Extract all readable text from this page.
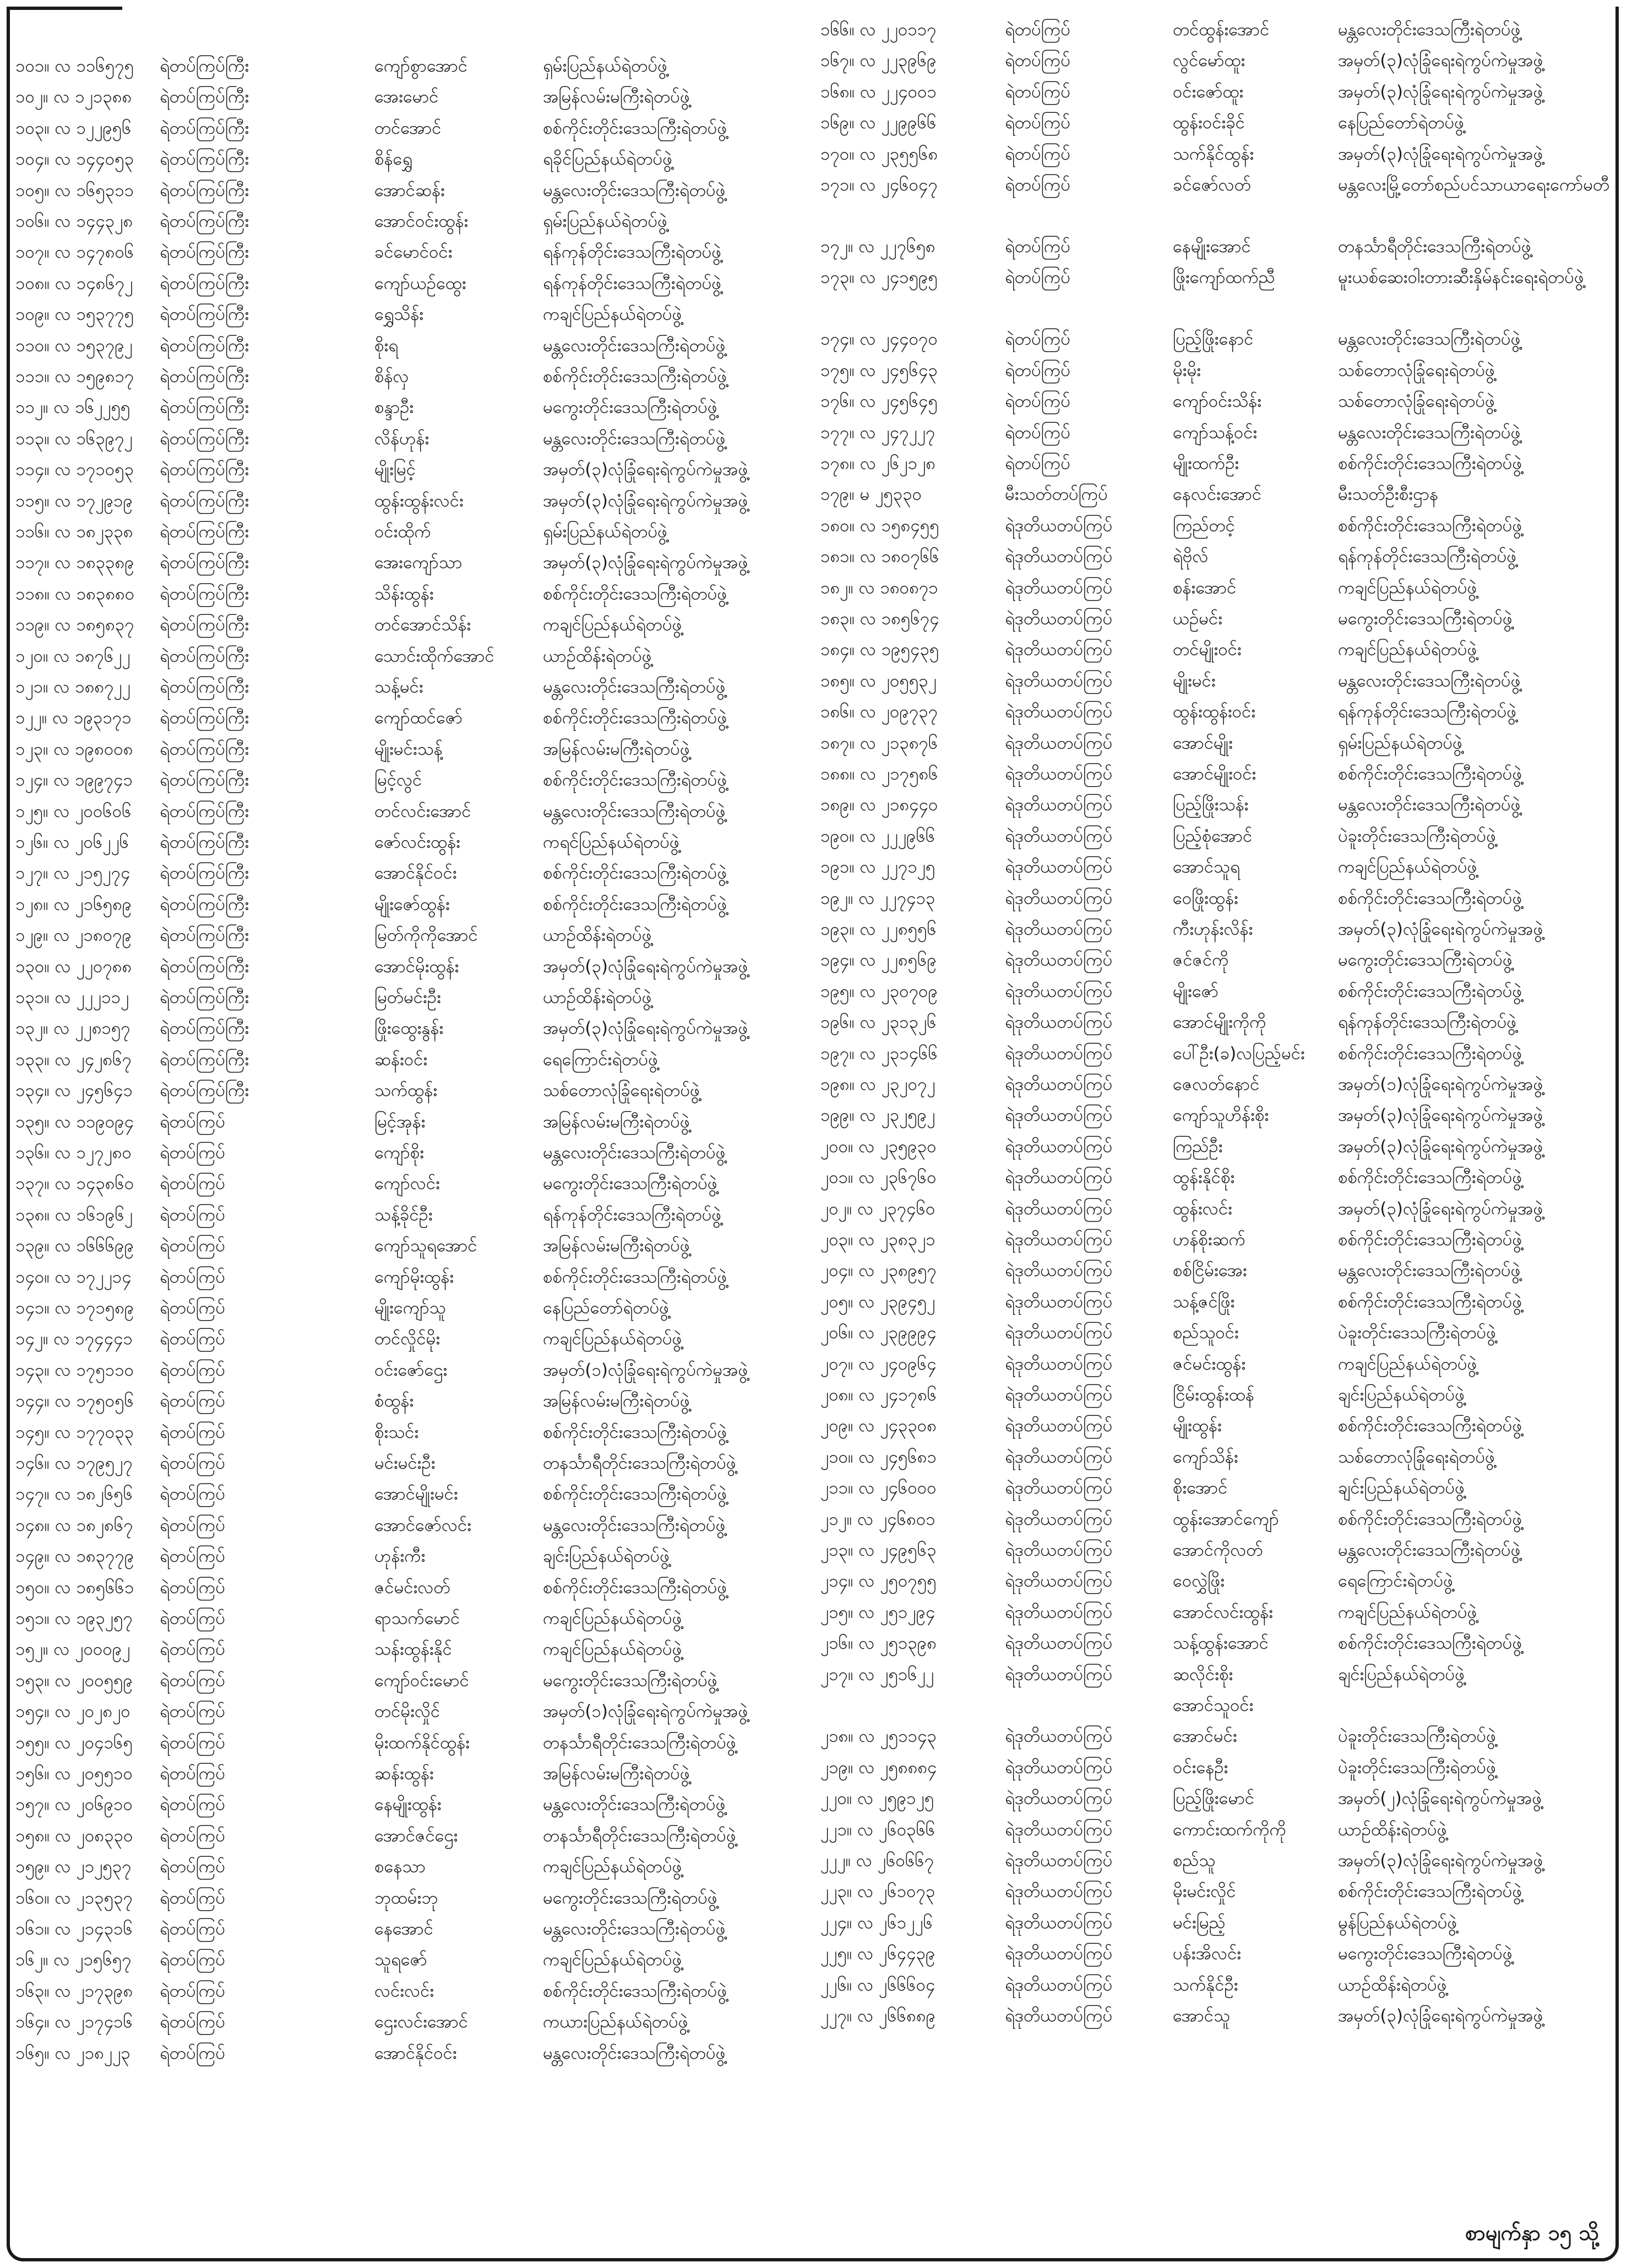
၁၀၁။ လ ၁၁၆၅၇၅	ရဲတပ်ကြပ်ကြီး	ကျော်စွာအောင်	ရှမ်းပြည်နယ်ရဲတပ်ဖွဲ့
၁၀၂။ လ ၁၂၁၃၈၈	ရဲတပ်ကြပ်ကြီး	အေးမောင်	အမြန်လမ်းမကြီးရဲတပ်ဖွဲ့
၁၀၃။ လ ၁၂၂၉၅၆	ရဲတပ်ကြပ်ကြီး	တင်အောင်	စစ်ကိုင်းတိုင်းဒေသကြီးရဲတပ်ဖွဲ့
၁၀၄။ လ ၁၄၄၀၅၃	ရဲတပ်ကြပ်ကြီး	စိန်ရွှေ	ရခိုင်ပြည်နယ်ရဲတပ်ဖွဲ့
၁၀၅။ လ ၁၆၅၃၁၁	ရဲတပ်ကြပ်ကြီး	အောင်ဆန်း	မန္တလေးတိုင်းဒေသကြီးရဲတပ်ဖွဲ့
၁၀၆။ လ ၁၄၄၃၂၈	ရဲတပ်ကြပ်ကြီး	အောင်ဝင်းထွန်း	ရှမ်းပြည်နယ်ရဲတပ်ဖွဲ့
၁၀၇။ လ ၁၄၇၈၀၆	ရဲတပ်ကြပ်ကြီး	ခင်မောင်ဝင်း	ရန်ကုန်တိုင်းဒေသကြီးရဲတပ်ဖွဲ့
၁၀၈။ လ ၁၄၈၆၇၂	ရဲတပ်ကြပ်ကြီး	ကျော်ယဉ်ထွေး	ရန်ကုန်တိုင်းဒေသကြီးရဲတပ်ဖွဲ့
၁၀၉။ လ ၁၅၃၇၇၅	ရဲတပ်ကြပ်ကြီး	ရွှေသိန်း	ကချင်ပြည်နယ်ရဲတပ်ဖွဲ့
၁၁၀။ လ ၁၅၃၇၉၂	ရဲတပ်ကြပ်ကြီး	စိုးရ	မန္တလေးတိုင်းဒေသကြီးရဲတပ်ဖွဲ့
၁၁၁။ လ ၁၅၉၈၁၇	ရဲတပ်ကြပ်ကြီး	စိန်လှ	စစ်ကိုင်းတိုင်းဒေသကြီးရဲတပ်ဖွဲ့
၁၁၂။ လ ၁၆၂၂၅၅	ရဲတပ်ကြပ်ကြီး	စန္ဒာဦး	မကွေးတိုင်းဒေသကြီးရဲတပ်ဖွဲ့
၁၁၃။ လ ၁၆၃၉၇၂	ရဲတပ်ကြပ်ကြီး	လိန်ဟုန်း	မန္တလေးတိုင်းဒေသကြီးရဲတပ်ဖွဲ့
၁၁၄။ လ ၁၇၁၀၅၃	ရဲတပ်ကြပ်ကြီး	မျိုးမြင့်	အမှတ်(၃)လုံခြုံရေးရဲကွပ်ကဲမှုအဖွဲ့
၁၁၅။ လ ၁၇၂၉၁၉	ရဲတပ်ကြပ်ကြီး	ထွန်းထွန်းလင်း	အမှတ်(၃)လုံခြုံရေးရဲကွပ်ကဲမှုအဖွဲ့
၁၁၆။ လ ၁၈၂၃၃၈	ရဲတပ်ကြပ်ကြီး	ဝင်းထိုက်	ရှမ်းပြည်နယ်ရဲတပ်ဖွဲ့
၁၁၇။ လ ၁၈၃၃၈၉	ရဲတပ်ကြပ်ကြီး	အေးကျော်သာ	အမှတ်(၃)လုံခြုံရေးရဲကွပ်ကဲမှုအဖွဲ့
၁၁၈။ လ ၁၈၃၈၈၀	ရဲတပ်ကြပ်ကြီး	သိန်းထွန်း	စစ်ကိုင်းတိုင်းဒေသကြီးရဲတပ်ဖွဲ့
၁၁၉။ လ ၁၈၅၈၃၇	ရဲတပ်ကြပ်ကြီး	တင်အောင်သိန်း	ကချင်ပြည်နယ်ရဲတပ်ဖွဲ့
၁၂၀။ လ ၁၈၇၆၂၂	ရဲတပ်ကြပ်ကြီး	သောင်းထိုက်အောင်	ယာဉ်ထိန်းရဲတပ်ဖွဲ့
၁၂၁။ လ ၁၈၈၇၂၂	ရဲတပ်ကြပ်ကြီး	သန့်မင်း	မန္တလေးတိုင်းဒေသကြီးရဲတပ်ဖွဲ့
၁၂၂။ လ ၁၉၃၁၇၁	ရဲတပ်ကြပ်ကြီး	ကျော်ထင်ဇော်	စစ်ကိုင်းတိုင်းဒေသကြီးရဲတပ်ဖွဲ့
၁၂၃။ လ ၁၉၈၀၀၈	ရဲတပ်ကြပ်ကြီး	မျိုးမင်းသန့်	အမြန်လမ်းမကြီးရဲတပ်ဖွဲ့
၁၂၄။ လ ၁၉၉၇၄၁	ရဲတပ်ကြပ်ကြီး	မြင့်လွင်	စစ်ကိုင်းတိုင်းဒေသကြီးရဲတပ်ဖွဲ့
၁၂၅။ လ ၂၀၀၆၀၆	ရဲတပ်ကြပ်ကြီး	တင်လင်းအောင်	မန္တလေးတိုင်းဒေသကြီးရဲတပ်ဖွဲ့
၁၂၆။ လ ၂၀၆၂၂၆	ရဲတပ်ကြပ်ကြီး	ဇော်လင်းထွန်း	ကရင်ပြည်နယ်ရဲတပ်ဖွဲ့
၁၂၇။ လ ၂၁၅၂၇၄	ရဲတပ်ကြပ်ကြီး	အောင်နိုင်ဝင်း	စစ်ကိုင်းတိုင်းဒေသကြီးရဲတပ်ဖွဲ့
၁၂၈။ လ ၂၁၆၅၈၉	ရဲတပ်ကြပ်ကြီး	မျိုးဇော်ထွန်း	စစ်ကိုင်းတိုင်းဒေသကြီးရဲတပ်ဖွဲ့
၁၂၉။ လ ၂၁၈၀၇၉	ရဲတပ်ကြပ်ကြီး	မြတ်ကိုကိုအောင်	ယာဉ်ထိန်းရဲတပ်ဖွဲ့
၁၃၀။ လ ၂၂၀၇၈၈	ရဲတပ်ကြပ်ကြီး	အောင်မိုးထွန်း	အမှတ်(၃)လုံခြုံရေးရဲကွပ်ကဲမှုအဖွဲ့
၁၃၁။ လ ၂၂၂၁၁၂	ရဲတပ်ကြပ်ကြီး	မြတ်မင်းဦး	ယာဉ်ထိန်းရဲတပ်ဖွဲ့
၁၃၂။ လ ၂၂၈၁၅၇	ရဲတပ်ကြပ်ကြီး	ဖြိုးထွေးနွန်း	အမှတ်(၃)လုံခြုံရေးရဲကွပ်ကဲမှုအဖွဲ့
၁၃၃။ လ ၂၄၂၈၆၇	ရဲတပ်ကြပ်ကြီး	ဆန်းဝင်း	ရေကြောင်းရဲတပ်ဖွဲ့
၁၃၄။ လ ၂၄၅၆၄၁	ရဲတပ်ကြပ်ကြီး	သက်ထွန်း	သစ်တောလုံခြုံရေးရဲတပ်ဖွဲ့
၁၃၅။ လ ၁၁၉၀၉၄	ရဲတပ်ကြပ်	မြင့်အုန်း	အမြန်လမ်းမကြီးရဲတပ်ဖွဲ့
၁၃၆။ လ ၁၂၇၂၈၀	ရဲတပ်ကြပ်	ကျော်စိုး	မန္တလေးတိုင်းဒေသကြီးရဲတပ်ဖွဲ့
၁၃၇။ လ ၁၄၃၈၆၀	ရဲတပ်ကြပ်	ကျော်လင်း	မကွေးတိုင်းဒေသကြီးရဲတပ်ဖွဲ့
၁၃၈။ လ ၁၆၁၉၆၂	ရဲတပ်ကြပ်	သန့်ခိုင်ဦး	ရန်ကုန်တိုင်းဒေသကြီးရဲတပ်ဖွဲ့
၁၃၉။ လ ၁၆၆၆၉၉	ရဲတပ်ကြပ်	ကျော်သူရအောင်	အမြန်လမ်းမကြီးရဲတပ်ဖွဲ့
၁၄၀။ လ ၁၇၂၂၁၄	ရဲတပ်ကြပ်	ကျော်မိုးထွန်း	စစ်ကိုင်းတိုင်းဒေသကြီးရဲတပ်ဖွဲ့
၁၄၁။ လ ၁၇၁၅၈၉	ရဲတပ်ကြပ်	မျိုးကျော်သူ	နေပြည်တော်ရဲတပ်ဖွဲ့
၁၄၂။ လ ၁၇၄၄၄၁	ရဲတပ်ကြပ်	တင်လှိုင်မိုး	ကချင်ပြည်နယ်ရဲတပ်ဖွဲ့
၁၄၃။ လ ၁၇၅၁၁၀	ရဲတပ်ကြပ်	ဝင်းဇော်ဌေး	အမှတ်(၁)လုံခြုံရေးရဲကွပ်ကဲမှုအဖွဲ့
၁၄၄။ လ ၁၇၅၀၅၆	ရဲတပ်ကြပ်	စံထွန်း	အမြန်လမ်းမကြီးရဲတပ်ဖွဲ့
၁၄၅။ လ ၁၇၇၀၃၃	ရဲတပ်ကြပ်	စိုးသင်း	စစ်ကိုင်းတိုင်းဒေသကြီးရဲတပ်ဖွဲ့
၁၄၆။ လ ၁၇၉၅၂၇	ရဲတပ်ကြပ်	မင်းမင်းဦး	တနင်္သာရီတိုင်းဒေသကြီးရဲတပ်ဖွဲ့
၁၄၇။ လ ၁၈၂၆၅၆	ရဲတပ်ကြပ်	အောင်မျိုးမင်း	စစ်ကိုင်းတိုင်းဒေသကြီးရဲတပ်ဖွဲ့
၁၄၈။ လ ၁၈၂၈၆၇	ရဲတပ်ကြပ်	အောင်ဇော်လင်း	မန္တလေးတိုင်းဒေသကြီးရဲတပ်ဖွဲ့
၁၄၉။ လ ၁၈၃၇၇၉	ရဲတပ်ကြပ်	ဟုန်းကီး	ချင်းပြည်နယ်ရဲတပ်ဖွဲ့
၁၅၀။ လ ၁၈၅၆၆၁	ရဲတပ်ကြပ်	ဇင်မင်းလတ်	စစ်ကိုင်းတိုင်းဒေသကြီးရဲတပ်ဖွဲ့
၁၅၁။ လ ၁၉၃၂၅၇	ရဲတပ်ကြပ်	ရာသက်မောင်	ကချင်ပြည်နယ်ရဲတပ်ဖွဲ့
၁၅၂။ လ ၂၀၀၀၉၂	ရဲတပ်ကြပ်	သန်းထွန်းနိုင်	ကချင်ပြည်နယ်ရဲတပ်ဖွဲ့
၁၅၃။ လ ၂၀၀၅၅၉	ရဲတပ်ကြပ်	ကျော်ဝင်းမောင်	မကွေးတိုင်းဒေသကြီးရဲတပ်ဖွဲ့
၁၅၄။ လ ၂၀၂၈၂၀	ရဲတပ်ကြပ်	တင်မိုးလှိုင်	အမှတ်(၁)လုံခြုံရေးရဲကွပ်ကဲမှုအဖွဲ့
၁၅၅။ လ ၂၀၄၁၆၅	ရဲတပ်ကြပ်	မိုးထက်နိုင်ထွန်း	တနင်္သာရီတိုင်းဒေသကြီးရဲတပ်ဖွဲ့
၁၅၆။ လ ၂၀၅၅၁၀	ရဲတပ်ကြပ်	ဆန်းထွန်း	အမြန်လမ်းမကြီးရဲတပ်ဖွဲ့
၁၅၇။ လ ၂၀၆၉၁၀	ရဲတပ်ကြပ်	နေမျိုးထွန်း	မန္တလေးတိုင်းဒေသကြီးရဲတပ်ဖွဲ့
၁၅၈။ လ ၂၀၈၃၃၀	ရဲတပ်ကြပ်	အောင်ဇင်ဌေး	တနင်္သာရီတိုင်းဒေသကြီးရဲတပ်ဖွဲ့
၁၅၉။ လ ၂၁၂၅၃၇	ရဲတပ်ကြပ်	စနေသာ	ကချင်ပြည်နယ်ရဲတပ်ဖွဲ့
၁၆၀။ လ ၂၁၃၅၃၇	ရဲတပ်ကြပ်	ဘုထမ်းဘု	မကွေးတိုင်းဒေသကြီးရဲတပ်ဖွဲ့
၁၆၁။ လ ၂၁၄၃၁၆	ရဲတပ်ကြပ်	နေအောင်	မန္တလေးတိုင်းဒေသကြီးရဲတပ်ဖွဲ့
၁၆၂။ လ ၂၁၅၆၅၇	ရဲတပ်ကြပ်	သူရဇော်	ကချင်ပြည်နယ်ရဲတပ်ဖွဲ့
၁၆၃။ လ ၂၁၇၃၉၈	ရဲတပ်ကြပ်	လင်းလင်း	စစ်ကိုင်းတိုင်းဒေသကြီးရဲတပ်ဖွဲ့
၁၆၄။ လ ၂၁၇၄၁၆	ရဲတပ်ကြပ်	ဌေးလင်းအောင်	ကယားပြည်နယ်ရဲတပ်ဖွဲ့
၁၆၅။ လ ၂၁၈၂၂၃	ရဲတပ်ကြပ်	အောင်နိုင်ဝင်း	မန္တလေးတိုင်းဒေသကြီးရဲတပ်ဖွဲ့
၁၆၆။ လ ၂၂၀၁၁၇	ရဲတပ်ကြပ်	တင်ထွန်းအောင်	မန္တလေးတိုင်းဒေသကြီးရဲတပ်ဖွဲ့
၁၆၇။ လ ၂၂၃၉၆၉	ရဲတပ်ကြပ်	လွင်မော်ထူး	အမှတ်(၃)လုံခြုံရေးရဲကွပ်ကဲမှုအဖွဲ့
၁၆၈။ လ ၂၂၄၀၀၁	ရဲတပ်ကြပ်	ဝင်းဇော်ထူး	အမှတ်(၃)လုံခြုံရေးရဲကွပ်ကဲမှုအဖွဲ့
၁၆၉။ လ ၂၂၉၉၆၆	ရဲတပ်ကြပ်	ထွန်းဝင်းခိုင်	နေပြည်တော်ရဲတပ်ဖွဲ့
၁၇၀။ လ ၂၃၅၅၆၈	ရဲတပ်ကြပ်	သက်နိုင်ထွန်း	အမှတ်(၃)လုံခြုံရေးရဲကွပ်ကဲမှုအဖွဲ့
၁၇၁။ လ ၂၄၆၀၄၇	ရဲတပ်ကြပ်	ခင်ဇော်လတ်	မန္တလေးမြို့တော်စည်ပင်သာယာရေးကော်မတီ
၁၇၂။ လ ၂၂၇၆၅၈	ရဲတပ်ကြပ်	နေမျိုးအောင်	တနင်္သာရီတိုင်းဒေသကြီးရဲတပ်ဖွဲ့
၁၇၃။ လ ၂၄၁၅၉၅	ရဲတပ်ကြပ်	ဖြိုးကျော်ထက်ညီ	မူးယစ်ဆေးဝါးတားဆီးနှိမ်နင်းရေးရဲတပ်ဖွဲ့
၁၇၄။ လ ၂၄၄၀၇၀	ရဲတပ်ကြပ်	ပြည့်ဖြိုးနောင်	မန္တလေးတိုင်းဒေသကြီးရဲတပ်ဖွဲ့
၁၇၅။ လ ၂၄၅၆၄၃	ရဲတပ်ကြပ်	မိုးမိုး	သစ်တောလုံခြုံရေးရဲတပ်ဖွဲ့
၁၇၆။ လ ၂၄၅၆၄၅	ရဲတပ်ကြပ်	ကျော်ဝင်းသိန်း	သစ်တောလုံခြုံရေးရဲတပ်ဖွဲ့
၁၇၇။ လ ၂၄၇၂၂၇	ရဲတပ်ကြပ်	ကျော်သန့်ဝင်း	မန္တလေးတိုင်းဒေသကြီးရဲတပ်ဖွဲ့
၁၇၈။ လ ၂၆၂၁၂၈	ရဲတပ်ကြပ်	မျိုးထက်ဦး	စစ်ကိုင်းတိုင်းဒေသကြီးရဲတပ်ဖွဲ့
၁၇၉။ မ ၂၅၃၃၀	မီးသတ်တပ်ကြပ်	နေလင်းအောင်	မီးသတ်ဦးစီးဌာန
၁၈၀။ လ ၁၅၈၄၅၅	ရဲဒုတိယတပ်ကြပ်	ကြည်တင့်	စစ်ကိုင်းတိုင်းဒေသကြီးရဲတပ်ဖွဲ့
၁၈၁။ လ ၁၈၀၇၆၆	ရဲဒုတိယတပ်ကြပ်	ရဲဗိုလ်	ရန်ကုန်တိုင်းဒေသကြီးရဲတပ်ဖွဲ့
၁၈၂။ လ ၁၈၀၈၇၁	ရဲဒုတိယတပ်ကြပ်	စန်းအောင်	ကချင်ပြည်နယ်ရဲတပ်ဖွဲ့
၁၈၃။ လ ၁၈၅၆၇၄	ရဲဒုတိယတပ်ကြပ်	ယဉ်မင်း	မကွေးတိုင်းဒေသကြီးရဲတပ်ဖွဲ့
၁၈၄။ လ ၁၉၅၄၃၅	ရဲဒုတိယတပ်ကြပ်	တင်မျိုးဝင်း	ကချင်ပြည်နယ်ရဲတပ်ဖွဲ့
၁၈၅။ လ ၂၀၅၅၃၂	ရဲဒုတိယတပ်ကြပ်	မျိုးမင်း	မန္တလေးတိုင်းဒေသကြီးရဲတပ်ဖွဲ့
၁၈၆။ လ ၂၀၉၇၃၇	ရဲဒုတိယတပ်ကြပ်	ထွန်းထွန်းဝင်း	ရန်ကုန်တိုင်းဒေသကြီးရဲတပ်ဖွဲ့
၁၈၇။ လ ၂၁၃၈၇၆	ရဲဒုတိယတပ်ကြပ်	အောင်မျိုး	ရှမ်းပြည်နယ်ရဲတပ်ဖွဲ့
၁၈၈။ လ ၂၁၇၅၈၆	ရဲဒုတိယတပ်ကြပ်	အောင်မျိုးဝင်း	စစ်ကိုင်းတိုင်းဒေသကြီးရဲတပ်ဖွဲ့
၁၈၉။ လ ၂၁၈၄၄၀	ရဲဒုတိယတပ်ကြပ်	ပြည့်ဖြိုးသန်း	မန္တလေးတိုင်းဒေသကြီးရဲတပ်ဖွဲ့
၁၉၀။ လ ၂၂၂၉၆၆	ရဲဒုတိယတပ်ကြပ်	ပြည့်စုံအောင်	ပဲခူးတိုင်းဒေသကြီးရဲတပ်ဖွဲ့
၁၉၁။ လ ၂၂၇၁၂၅	ရဲဒုတိယတပ်ကြပ်	အောင်သူရ	ကချင်ပြည်နယ်ရဲတပ်ဖွဲ့
၁၉၂။ လ ၂၂၇၄၁၃	ရဲဒုတိယတပ်ကြပ်	ဝေဖြိုးထွန်း	စစ်ကိုင်းတိုင်းဒေသကြီးရဲတပ်ဖွဲ့
၁၉၃။ လ ၂၂၈၅၅၆	ရဲဒုတိယတပ်ကြပ်	ကီးဟုန်းလိန်း	အမှတ်(၃)လုံခြုံရေးရဲကွပ်ကဲမှုအဖွဲ့
၁၉၄။ လ ၂၂၈၅၆၉	ရဲဒုတိယတပ်ကြပ်	ဇင်ဇင်ကို	မကွေးတိုင်းဒေသကြီးရဲတပ်ဖွဲ့
၁၉၅။ လ ၂၃၀၇၀၉	ရဲဒုတိယတပ်ကြပ်	မျိုးဇော်	စစ်ကိုင်းတိုင်းဒေသကြီးရဲတပ်ဖွဲ့
၁၉၆။ လ ၂၃၁၃၂၆	ရဲဒုတိယတပ်ကြပ်	အောင်မျိုးကိုကို	ရန်ကုန်တိုင်းဒေသကြီးရဲတပ်ဖွဲ့
၁၉၇။ လ ၂၃၁၄၆၆	ရဲဒုတိယတပ်ကြပ်	ပေါ်ဦး(ခ)လပြည့်မင်း	စစ်ကိုင်းတိုင်းဒေသကြီးရဲတပ်ဖွဲ့
၁၉၈။ လ ၂၃၂၀၇၂	ရဲဒုတိယတပ်ကြပ်	ဇေလတ်နောင်	အမှတ်(၁)လုံခြုံရေးရဲကွပ်ကဲမှုအဖွဲ့
၁၉၉။ လ ၂၃၂၅၉၂	ရဲဒုတိယတပ်ကြပ်	ကျော်သူဟိန်းစိုး	အမှတ်(၃)လုံခြုံရေးရဲကွပ်ကဲမှုအဖွဲ့
၂၀၀။ လ ၂၃၅၉၃၀	ရဲဒုတိယတပ်ကြပ်	ကြည်ဦး	အမှတ်(၃)လုံခြုံရေးရဲကွပ်ကဲမှုအဖွဲ့
၂၀၁။ လ ၂၃၆၇၆၀	ရဲဒုတိယတပ်ကြပ်	ထွန်းနိုင်စိုး	စစ်ကိုင်းတိုင်းဒေသကြီးရဲတပ်ဖွဲ့
၂၀၂။ လ ၂၃၇၄၆၀	ရဲဒုတိယတပ်ကြပ်	ထွန်းလင်း	အမှတ်(၃)လုံခြုံရေးရဲကွပ်ကဲမှုအဖွဲ့
၂၀၃။ လ ၂၃၈၃၂၁	ရဲဒုတိယတပ်ကြပ်	ဟန်စိုးဆက်	စစ်ကိုင်းတိုင်းဒေသကြီးရဲတပ်ဖွဲ့
၂၀၄။ လ ၂၃၈၉၅၇	ရဲဒုတိယတပ်ကြပ်	စစ်ငြိမ်းအေး	မန္တလေးတိုင်းဒေသကြီးရဲတပ်ဖွဲ့
၂၀၅။ လ ၂၃၉၄၅၂	ရဲဒုတိယတပ်ကြပ်	သန့်ဇင်ဖြိုး	စစ်ကိုင်းတိုင်းဒေသကြီးရဲတပ်ဖွဲ့
၂၀၆။ လ ၂၃၉၉၉၄	ရဲဒုတိယတပ်ကြပ်	စည်သူဝင်း	ပဲခူးတိုင်းဒေသကြီးရဲတပ်ဖွဲ့
၂၀၇။ လ ၂၄၀၉၆၄	ရဲဒုတိယတပ်ကြပ်	ဇင်မင်းထွန်း	ကချင်ပြည်နယ်ရဲတပ်ဖွဲ့
၂၀၈။ လ ၂၄၁၇၈၆	ရဲဒုတိယတပ်ကြပ်	ငြိမ်းထွန်းထန်	ချင်းပြည်နယ်ရဲတပ်ဖွဲ့
၂၀၉။ လ ၂၄၃၃၀၈	ရဲဒုတိယတပ်ကြပ်	မျိုးထွန်း	စစ်ကိုင်းတိုင်းဒေသကြီးရဲတပ်ဖွဲ့
၂၁၀။ လ ၂၄၅၆၈၁	ရဲဒုတိယတပ်ကြပ်	ကျော်သိန်း	သစ်တောလုံခြုံရေးရဲတပ်ဖွဲ့
၂၁၁။ လ ၂၄၆၀၀၀	ရဲဒုတိယတပ်ကြပ်	စိုးအောင်	ချင်းပြည်နယ်ရဲတပ်ဖွဲ့
၂၁၂။ လ ၂၄၆၈၀၁	ရဲဒုတိယတပ်ကြပ်	ထွန်းအောင်ကျော်	စစ်ကိုင်းတိုင်းဒေသကြီးရဲတပ်ဖွဲ့
၂၁၃။ လ ၂၄၉၅၆၃	ရဲဒုတိယတပ်ကြပ်	အောင်ကိုလတ်	မန္တလေးတိုင်းဒေသကြီးရဲတပ်ဖွဲ့
၂၁၄။ လ ၂၅၀၇၅၅	ရဲဒုတိယတပ်ကြပ်	ဝေလွှဲဖြိုး	ရေကြောင်းရဲတပ်ဖွဲ့
၂၁၅။ လ ၂၅၁၂၉၄	ရဲဒုတိယတပ်ကြပ်	အောင်လင်းထွန်း	ကချင်ပြည်နယ်ရဲတပ်ဖွဲ့
၂၁၆။ လ ၂၅၁၃၉၈	ရဲဒုတိယတပ်ကြပ်	သန့်ထွန်းအောင်	စစ်ကိုင်းတိုင်းဒေသကြီးရဲတပ်ဖွဲ့
၂၁၇။ လ ၂၅၁၆၂၂	ရဲဒုတိယတပ်ကြပ်	ဆလိုင်းစိုး	ချင်းပြည်နယ်ရဲတပ်ဖွဲ့
အောင်သူဝင်း
၂၁၈။ လ ၂၅၁၁၄၃	ရဲဒုတိယတပ်ကြပ်	အောင်မင်း	ပဲခူးတိုင်းဒေသကြီးရဲတပ်ဖွဲ့
၂၁၉။ လ ၂၅၈၈၈၄	ရဲဒုတိယတပ်ကြပ်	ဝင်းနေဦး	ပဲခူးတိုင်းဒေသကြီးရဲတပ်ဖွဲ့
၂၂၀။ လ ၂၅၉၁၂၅	ရဲဒုတိယတပ်ကြပ်	ပြည့်ဖြိုးမောင်	အမှတ်(၂)လုံခြုံရေးရဲကွပ်ကဲမှုအဖွဲ့
၂၂၁။ လ ၂၆၀၃၆၆	ရဲဒုတိယတပ်ကြပ်	ကောင်းထက်ကိုကို	ယာဉ်ထိန်းရဲတပ်ဖွဲ့
၂၂၂။ လ ၂၆၀၆၆၇	ရဲဒုတိယတပ်ကြပ်	စည်သူ	အမှတ်(၃)လုံခြုံရေးရဲကွပ်ကဲမှုအဖွဲ့
၂၂၃။ လ ၂၆၁၀၇၃	ရဲဒုတိယတပ်ကြပ်	မိုးမင်းလှိုင်	စစ်ကိုင်းတိုင်းဒေသကြီးရဲတပ်ဖွဲ့
၂၂၄။ လ ၂၆၁၂၂၆	ရဲဒုတိယတပ်ကြပ်	မင်းမြည့်	မွန်ပြည်နယ်ရဲတပ်ဖွဲ့
၂၂၅။ လ ၂၆၄၄၃၉	ရဲဒုတိယတပ်ကြပ်	ပန်းအိလင်း	မကွေးတိုင်းဒေသကြီးရဲတပ်ဖွဲ့
၂၂၆။ လ ၂၆၆၆၀၄	ရဲဒုတိယတပ်ကြပ်	သက်နိုင်ဦး	ယာဉ်ထိန်းရဲတပ်ဖွဲ့
၂၂၇။ လ ၂၆၆၈၈၉	ရဲဒုတိယတပ်ကြပ်	အောင်သူ	အမှတ်(၃)လုံခြုံရေးရဲကွပ်ကဲမှုအဖွဲ့
စာမျက်နှာ ၁၅ သို့
